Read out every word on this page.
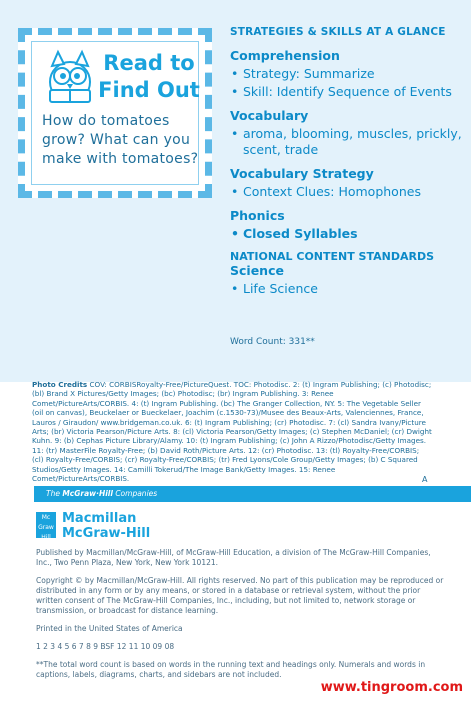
Read to
Find Out
How do tomatoes grow? What can you make with tomatoes?
STRATEGIES & SKILLS AT A GLANCE
Comprehension
• Strategy: Summarize
• Skill: Identify Sequence of Events
Vocabulary
• aroma, blooming, muscles, prickly, scent, trade
Vocabulary Strategy
• Context Clues: Homophones
Phonics
• Closed Syllables
NATIONAL CONTENT STANDARDS
Science
• Life Science
Word Count: 331**
Photo Credits COV: CORBISRoyalty-Free/PictureQuest. TOC: Photodisc. 2: (t) Ingram Publishing; (c) Photodisc; (bl) Brand X Pictures/Getty Images; (bc) Photodisc; (br) Ingram Publishing. 3: Renee Comet/PictureArts/CORBIS. 4: (t) Ingram Publishing. (bc) The Granger Collection, NY. 5: The Vegetable Seller (oil on canvas), Beuckelaer or Bueckelaer, Joachim (c.1530-73)/Musee des Beaux-Arts, Valenciennes, France, Lauros / Giraudon/ www.bridgeman.co.uk. 6: (t) Ingram Publishing; (cr) Photodisc. 7: (cl) Sandra Ivany/Picture Arts; (br) Victoria Pearson/Picture Arts. 8: (cl) Victoria Pearson/Getty Images; (c) Stephen McDaniel; (cr) Dwight Kuhn. 9: (b) Cephas Picture Library/Alamy. 10: (t) Ingram Publishing; (c) John A Rizzo/Photodisc/Getty Images. 11: (tr) MasterFile Royalty-Free; (b) David Roth/Picture Arts. 12: (cr) Photodisc. 13: (tl) Royalty-Free/CORBIS; (cl) Royalty-Free/CORBIS; (cr) Royalty-Free/CORBIS; (tr) Fred Lyons/Cole Group/Getty Images; (b) C Squared Studios/Getty Images. 14: Camilli Tokerud/The Image Bank/Getty Images. 15: Renee Comet/PictureArts/CORBIS.	A
The McGraw·Hill Companies
Mc
Graw
Hill
Macmillan
McGraw-Hill

Published by Macmillan/McGraw-Hill, of McGraw-Hill Education, a division of The McGraw-Hill Companies, Inc., Two Penn Plaza, New York, New York 10121.

Copyright © by Macmillan/McGraw-Hill. All rights reserved. No part of this publication may be reproduced or distributed in any form or by any means, or stored in a database or retrieval system, without the prior written consent of The McGraw-Hill Companies, Inc., including, but not limited to, network storage or transmission, or broadcast for distance learning.

Printed in the United States of America

1 2 3 4 5 6 7 8 9 BSF 12 11 10 09 08

**The total word count is based on words in the running text and headings only. Numerals and words in captions, labels, diagrams, charts, and sidebars are not included.

www.tingroom.com
